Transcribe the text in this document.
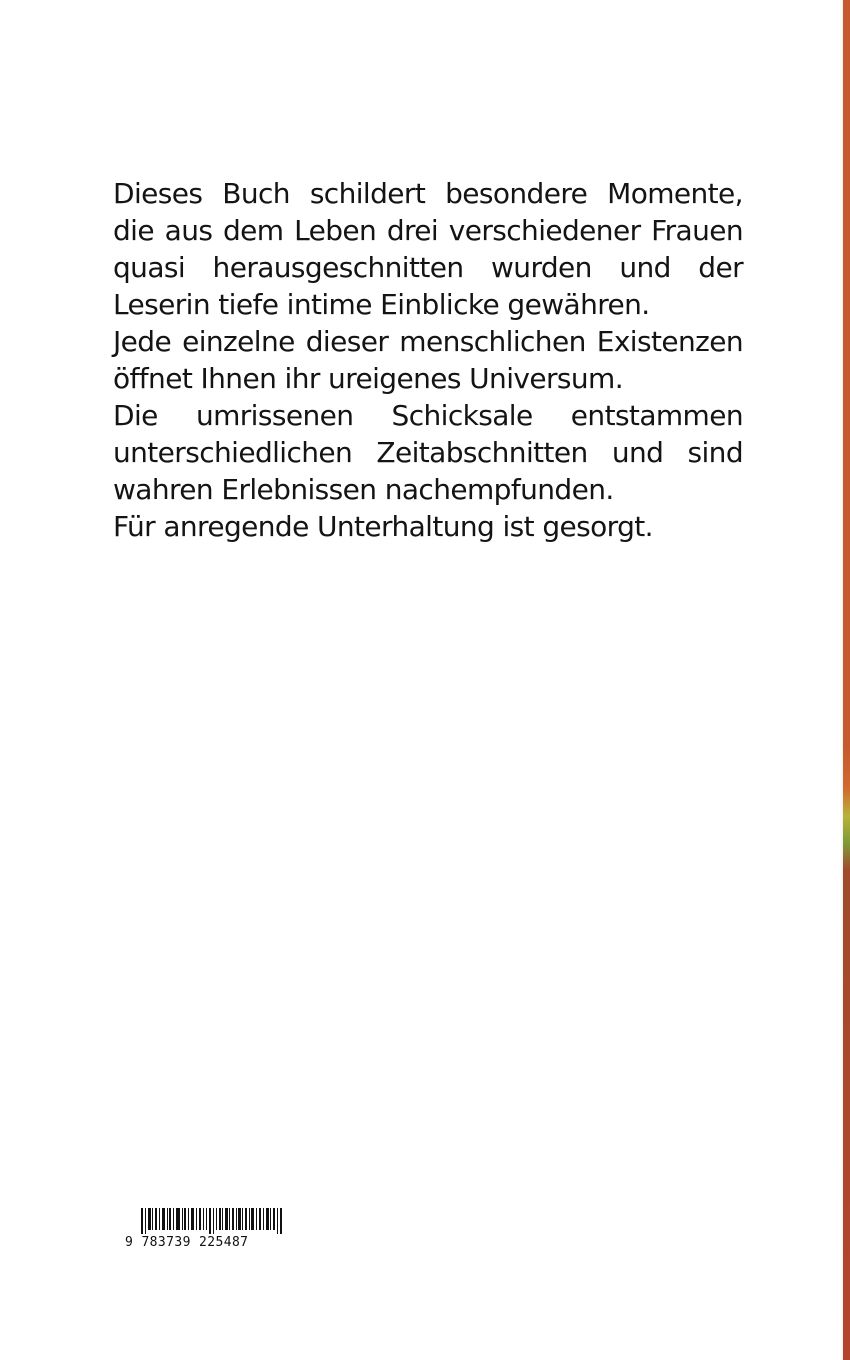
Dieses Buch schildert besondere Momente, die aus dem Leben drei verschiedener Frauen quasi herausgeschnitten wurden und der Leserin tiefe intime Einblicke gewähren.

Jede einzelne dieser menschlichen Existenzen öffnet Ihnen ihr ureigenes Universum.

Die umrissenen Schicksale entstammen unterschiedlichen Zeitabschnitten und sind wahren Erlebnissen nachempfunden.

Für anregende Unterhaltung ist gesorgt.

9 783739 225487
